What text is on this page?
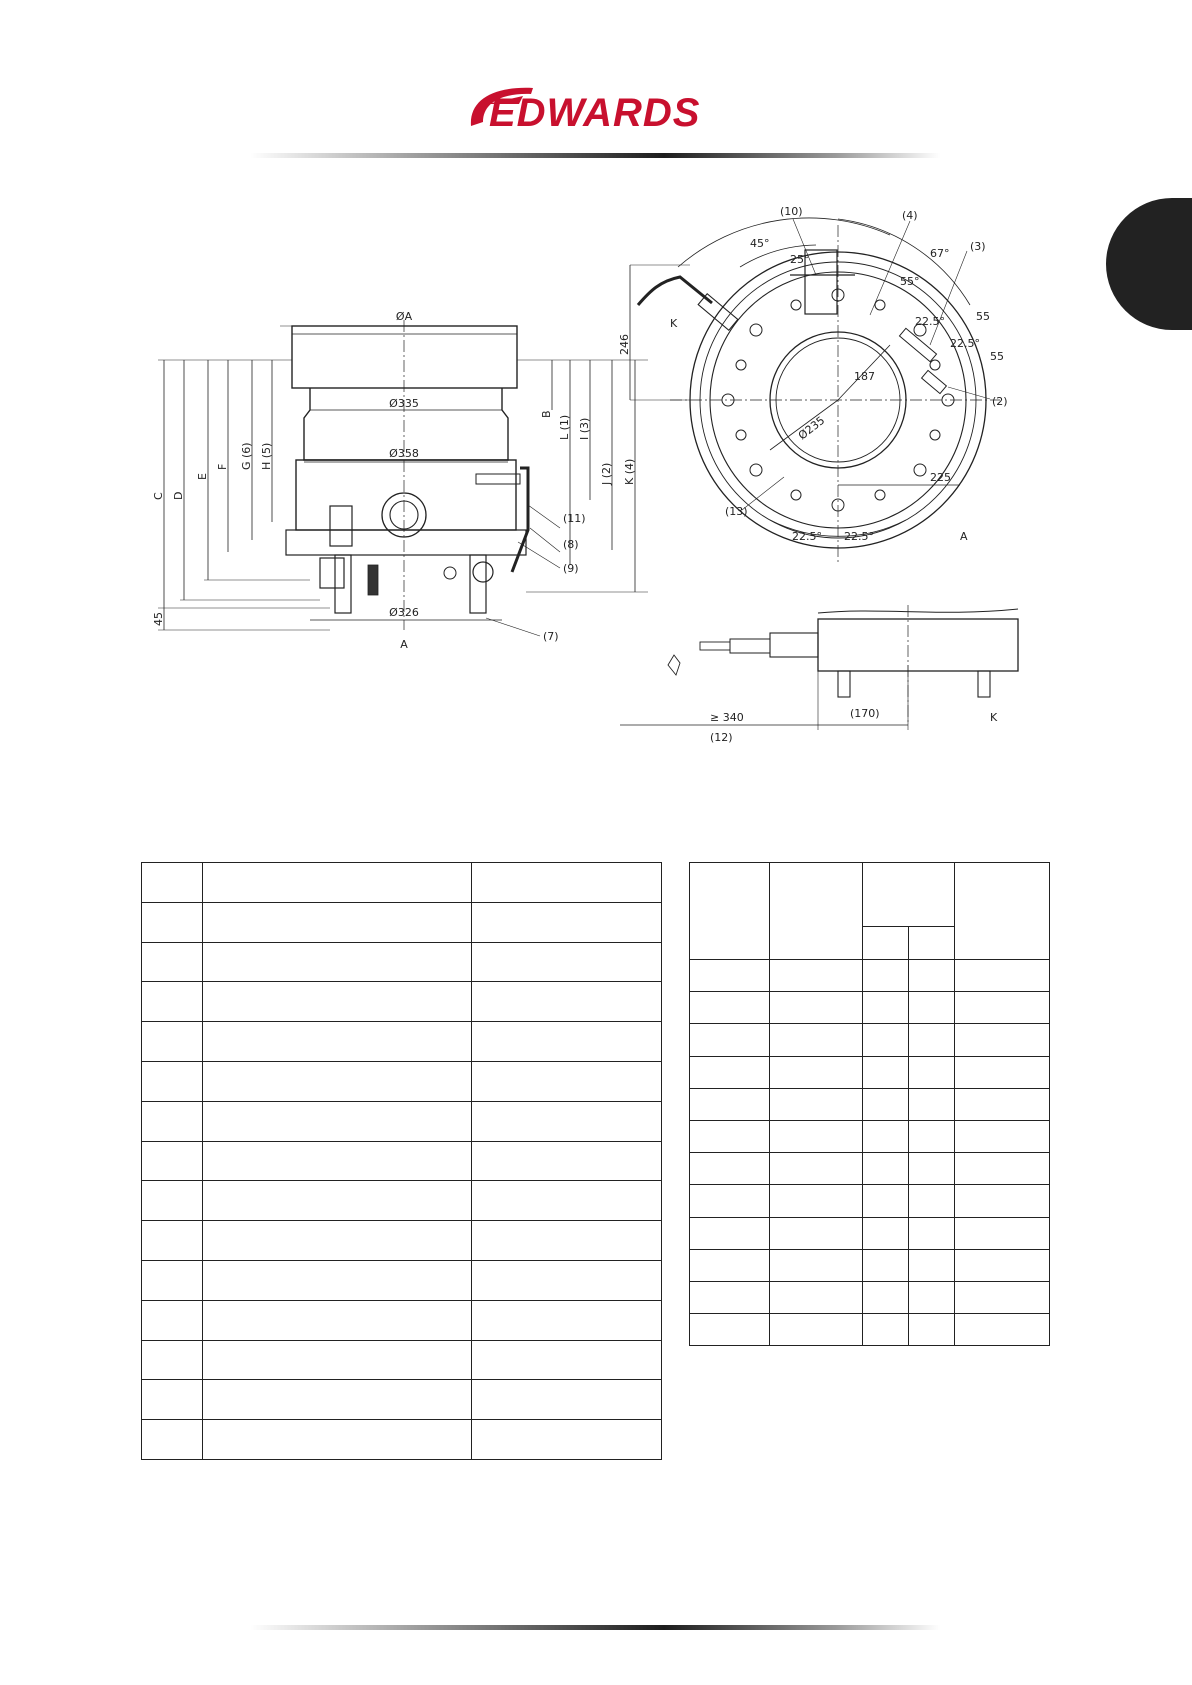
EDWARDS
ØA
Ø335
Ø358
Ø326
A
C D
E
F G (6) H (5)
45
B
L (1) I (3)
J (2) K (4)
(11)
(8)
(9)
(7)
(10)	(4)
(3)
(2)
(13)
45°
25°	67°
55°
22.5°
22.5°
22.5° 22.5°
55
55
246
187
Ø235
225
K
A
≥ 340
(12)
(170)	K
